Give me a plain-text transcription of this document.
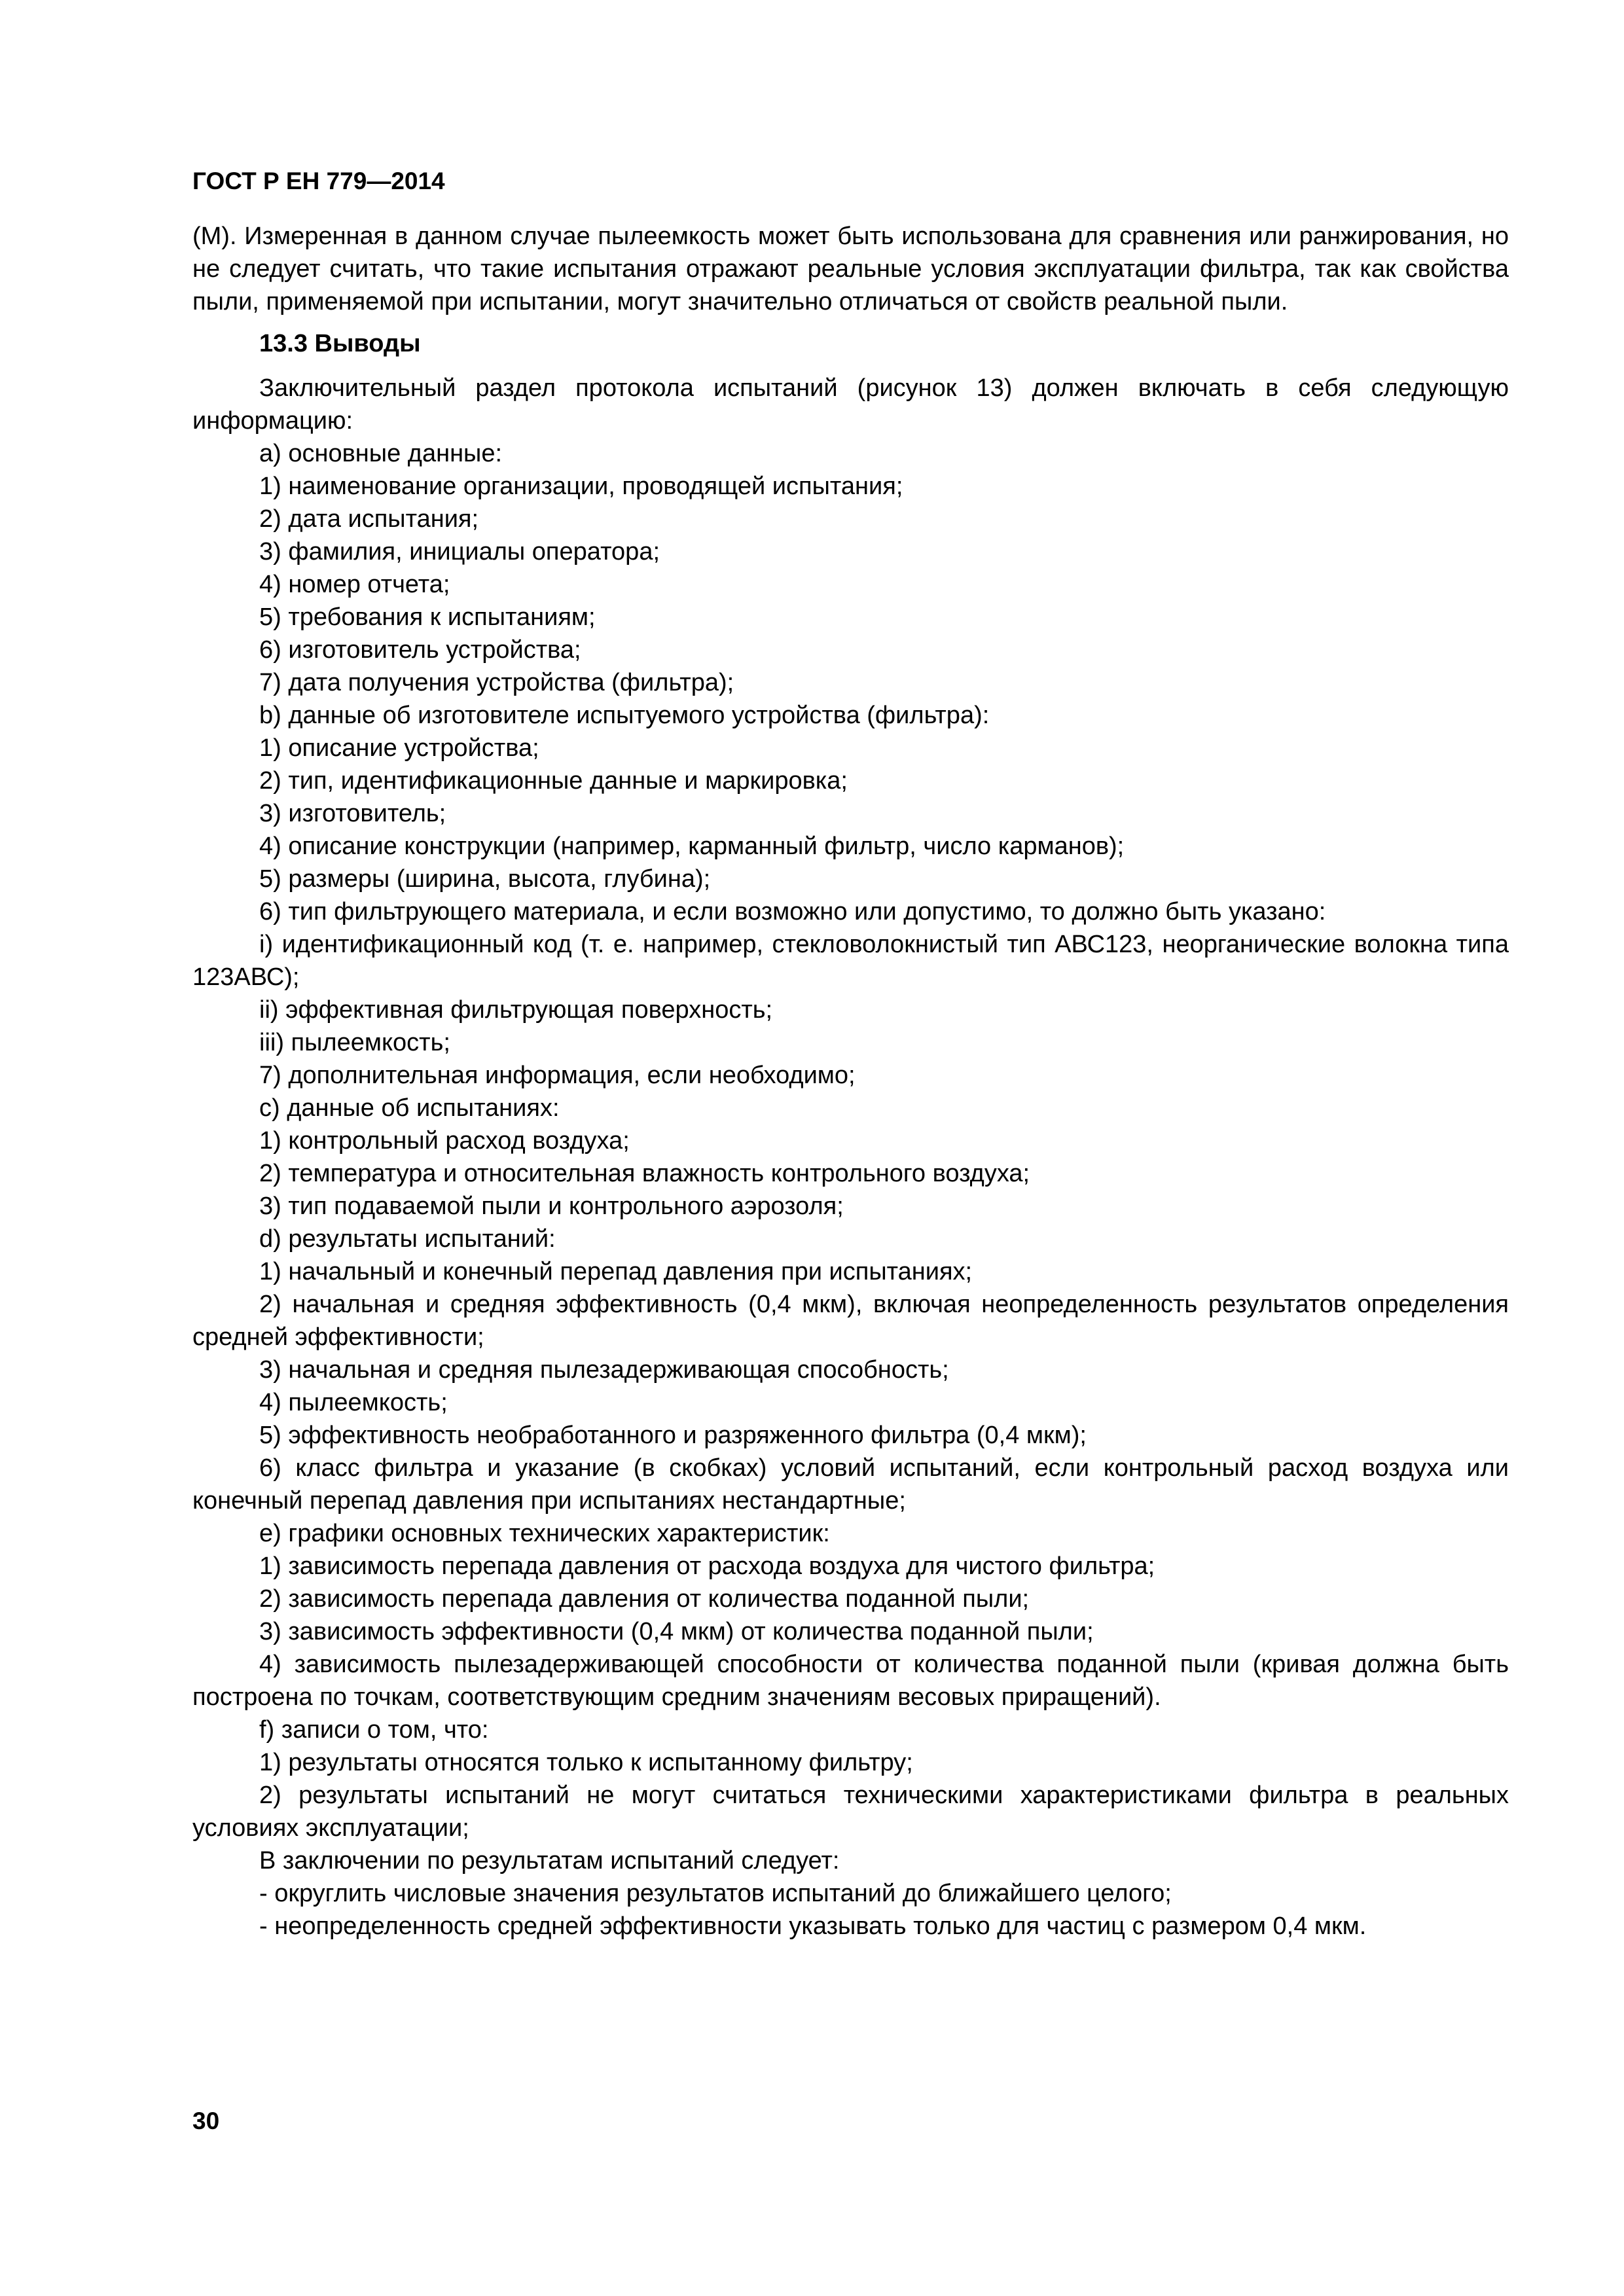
ГОСТ Р ЕН 779—2014

(М). Измеренная в данном случае пылеемкость может быть использована для сравнения или ранжирования, но не следует считать, что такие испытания отражают реальные условия эксплуатации фильтра, так как свойства пыли, применяемой при испытании, могут значительно отличаться от свойств реальной пыли.

13.3 Выводы

Заключительный раздел протокола испытаний (рисунок 13) должен включать в себя следующую информацию:

а) основные данные:

1) наименование организации, проводящей испытания;

2) дата испытания;

3) фамилия, инициалы оператора;

4) номер отчета;

5) требования к испытаниям;

6) изготовитель устройства;

7) дата получения устройства (фильтра);

b) данные об изготовителе испытуемого устройства (фильтра):

1) описание устройства;

2) тип, идентификационные данные и маркировка;

3) изготовитель;

4) описание конструкции (например, карманный фильтр, число карманов);

5) размеры (ширина, высота, глубина);

6) тип фильтрующего материала, и если возможно или допустимо, то должно быть указано:

i) идентификационный код (т. е. например, стекловолокнистый тип АВС123, неорганические волокна типа 123АВС);

ii) эффективная фильтрующая поверхность;

iii) пылеемкость;

7) дополнительная информация, если необходимо;

c) данные об испытаниях:

1) контрольный расход воздуха;

2) температура и относительная влажность контрольного воздуха;

3) тип подаваемой пыли и контрольного аэрозоля;

d) результаты испытаний:

1) начальный и конечный перепад давления при испытаниях;

2) начальная и средняя эффективность (0,4 мкм), включая неопределенность результатов определения средней эффективности;

3) начальная и средняя пылезадерживающая способность;

4) пылеемкость;

5) эффективность необработанного и разряженного фильтра (0,4 мкм);

6) класс фильтра и указание (в скобках) условий испытаний, если контрольный расход воздуха или конечный перепад давления при испытаниях нестандартные;

e) графики основных технических характеристик:

1) зависимость перепада давления от расхода воздуха для чистого фильтра;

2) зависимость перепада давления от количества поданной пыли;

3) зависимость эффективности (0,4 мкм) от количества поданной пыли;

4) зависимость пылезадерживающей способности от количества поданной пыли (кривая должна быть построена по точкам, соответствующим средним значениям весовых приращений).

f) записи о том, что:

1) результаты относятся только к испытанному фильтру;

2) результаты испытаний не могут считаться техническими характеристиками фильтра в реальных условиях эксплуатации;

В заключении по результатам испытаний следует:

- округлить числовые значения результатов испытаний до ближайшего целого;

- неопределенность средней эффективности указывать только для частиц с размером 0,4 мкм.

30
